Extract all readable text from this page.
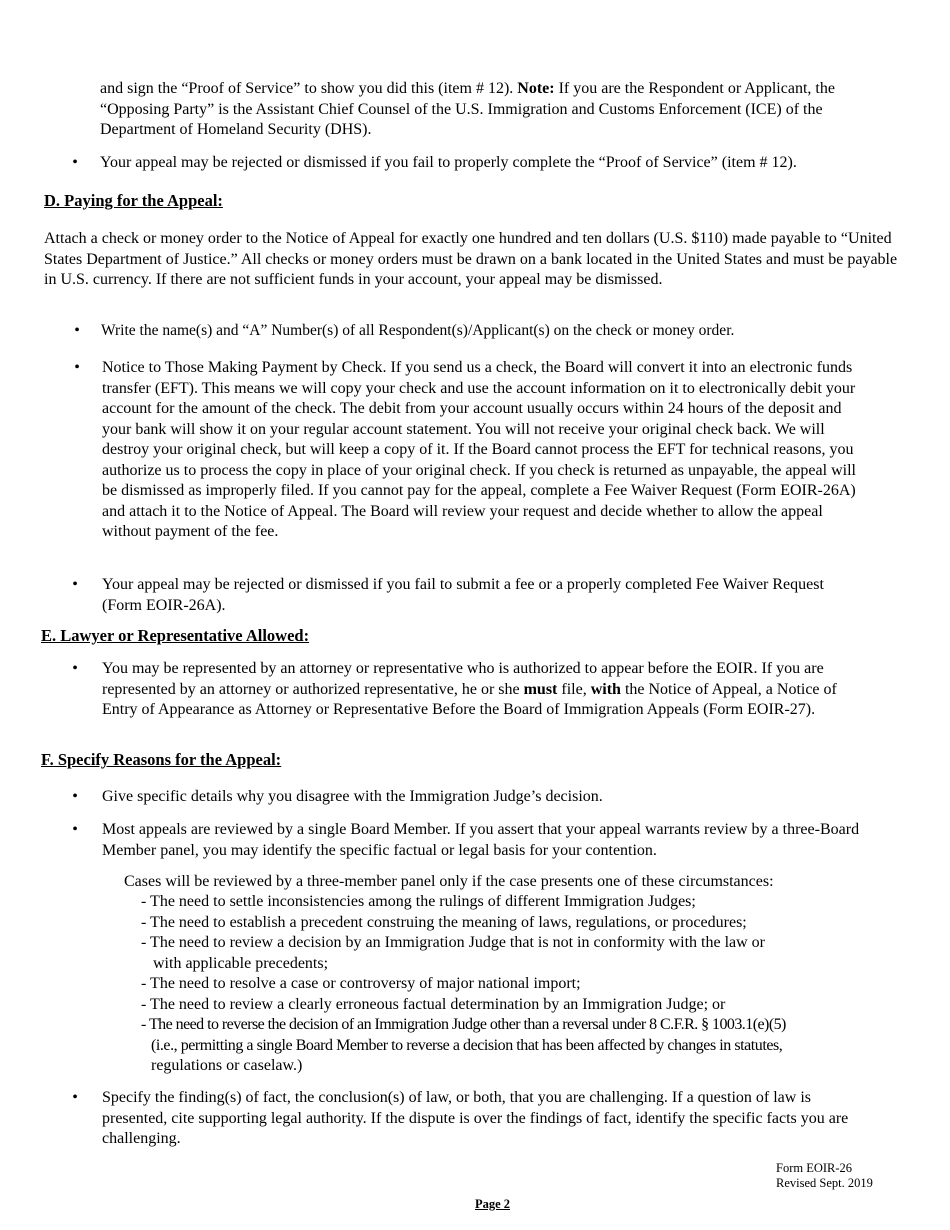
and sign the “Proof of Service” to show you did this (item # 12). Note: If you are the Respondent or Applicant, the “Opposing Party” is the Assistant Chief Counsel of the U.S. Immigration and Customs Enforcement (ICE) of the Department of Homeland Security (DHS).

• Your appeal may be rejected or dismissed if you fail to properly complete the “Proof of Service” (item # 12).

D. Paying for the Appeal:

Attach a check or money order to the Notice of Appeal for exactly one hundred and ten dollars (U.S. $110) made payable to “United States Department of Justice.” All checks or money orders must be drawn on a bank located in the United States and must be payable in U.S. currency. If there are not sufficient funds in your account, your appeal may be dismissed.

• Write the name(s) and “A” Number(s) of all Respondent(s)/Applicant(s) on the check or money order.

• Notice to Those Making Payment by Check. If you send us a check, the Board will convert it into an electronic funds transfer (EFT). This means we will copy your check and use the account information on it to electronically debit your account for the amount of the check. The debit from your account usually occurs within 24 hours of the deposit and your bank will show it on your regular account statement. You will not receive your original check back. We will destroy your original check, but will keep a copy of it. If the Board cannot process the EFT for technical reasons, you authorize us to process the copy in place of your original check. If you check is returned as unpayable, the appeal will be dismissed as improperly filed. If you cannot pay for the appeal, complete a Fee Waiver Request (Form EOIR-26A) and attach it to the Notice of Appeal. The Board will review your request and decide whether to allow the appeal without payment of the fee.

• Your appeal may be rejected or dismissed if you fail to submit a fee or a properly completed Fee Waiver Request (Form EOIR-26A).

E. Lawyer or Representative Allowed:

• You may be represented by an attorney or representative who is authorized to appear before the EOIR. If you are represented by an attorney or authorized representative, he or she must file, with the Notice of Appeal, a Notice of Entry of Appearance as Attorney or Representative Before the Board of Immigration Appeals (Form EOIR-27).

F. Specify Reasons for the Appeal:

• Give specific details why you disagree with the Immigration Judge’s decision.

• Most appeals are reviewed by a single Board Member. If you assert that your appeal warrants review by a three-Board Member panel, you may identify the specific factual or legal basis for your contention.

Cases will be reviewed by a three-member panel only if the case presents one of these circumstances:

- The need to settle inconsistencies among the rulings of different Immigration Judges;

- The need to establish a precedent construing the meaning of laws, regulations, or procedures;

- The need to review a decision by an Immigration Judge that is not in conformity with the law or

with applicable precedents;

- The need to resolve a case or controversy of major national import;

- The need to review a clearly erroneous factual determination by an Immigration Judge; or

- The need to reverse the decision of an Immigration Judge other than a reversal under 8 C.F.R. § 1003.1(e)(5)

(i.e., permitting a single Board Member to reverse a decision that has been affected by changes in statutes,

regulations or caselaw.)

• Specify the finding(s) of fact, the conclusion(s) of law, or both, that you are challenging. If a question of law is presented, cite supporting legal authority. If the dispute is over the findings of fact, identify the specific facts you are challenging.

Form EOIR-26

Revised Sept. 2019

Page 2
